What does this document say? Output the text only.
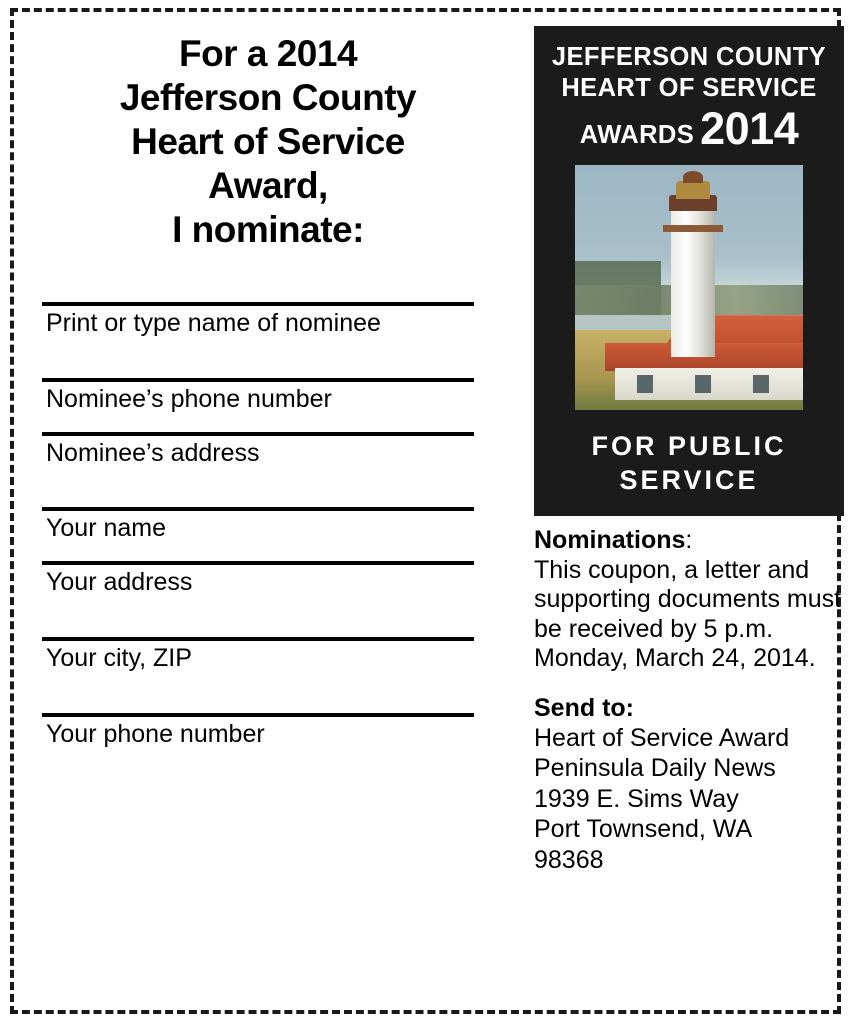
For a 2014
Jefferson County
Heart of Service
Award,
I nominate:
Print or type name of nominee
Nominee’s phone number
Nominee’s address
Your name
Your address
Your city, ZIP
Your phone number
JEFFERSON COUNTY
HEART OF SERVICE
AWARDS 2014
FOR PUBLIC
SERVICE
Nominations:
This coupon, a letter and supporting documents must be received by 5 p.m. Monday, March 24, 2014.
Send to:
Heart of Service Award
Peninsula Daily News
1939 E. Sims Way
Port Townsend, WA
98368
